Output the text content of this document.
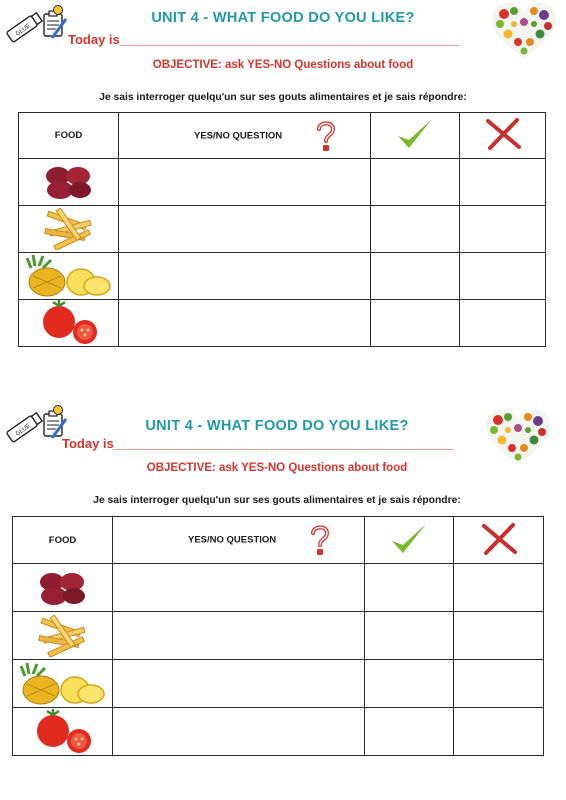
GLUE
UNIT 4 - WHAT FOOD DO YOU LIKE?
Today is_______________________________________________
OBJECTIVE: ask YES-NO Questions about food
Je sais interroger quelqu'un sur ses gouts alimentaires et je sais répondre:
FOOD	YES/NO QUESTION

GLUE	UNIT 4 - WHAT FOOD DO YOU LIKE?
Today is_______________________________________________
OBJECTIVE: ask YES-NO Questions about food
Je sais interroger quelqu'un sur ses gouts alimentaires et je sais répondre:
FOOD	YES/NO QUESTION
